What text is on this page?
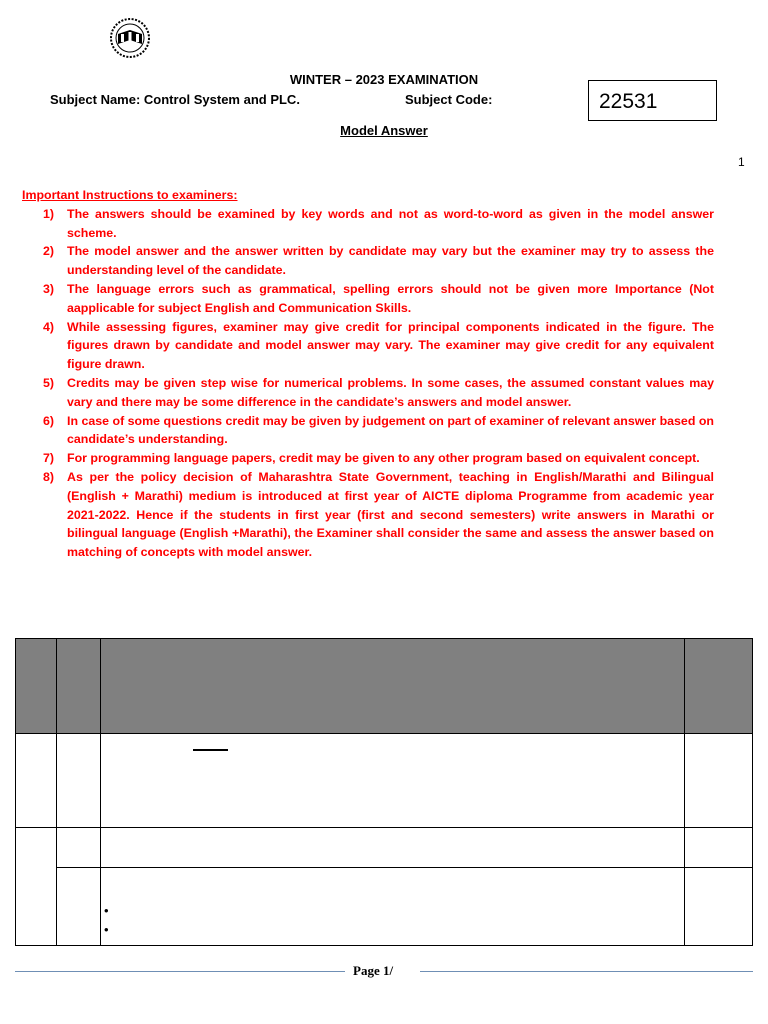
WINTER – 2023 EXAMINATION
Subject Name: Control System and PLC.	Subject Code:	22531
Model Answer
1
Important Instructions to examiners:
1)	The answers should be examined by key words and not as word-to-word as given in the model answer scheme.
2)	The model answer and the answer written by candidate may vary but the examiner may try to assess the understanding level of the candidate.
3)	The language errors such as grammatical, spelling errors should not be given more Importance (Not aapplicable for subject English and Communication Skills.
4)	While assessing figures, examiner may give credit for principal components indicated in the figure. The figures drawn by candidate and model answer may vary. The examiner may give credit for any equivalent figure drawn.
5)	Credits may be given step wise for numerical problems. In some cases, the assumed constant values may vary and there may be some difference in the candidate’s answers and model answer.
6)	In case of some questions credit may be given by judgement on part of examiner of relevant answer based on candidate’s understanding.
7)	For programming language papers, credit may be given to any other program based on equivalent concept.
8)	As per the policy decision of Maharashtra State Government, teaching in English/Marathi and Bilingual (English + Marathi) medium is introduced at first year of AICTE diploma Programme from academic year 2021-2022. Hence if the students in first year (first and second semesters) write answers in Marathi or bilingual language (English +Marathi), the Examiner shall consider the same and assess the answer based on matching of concepts with model answer.
•
•
Page 1/
